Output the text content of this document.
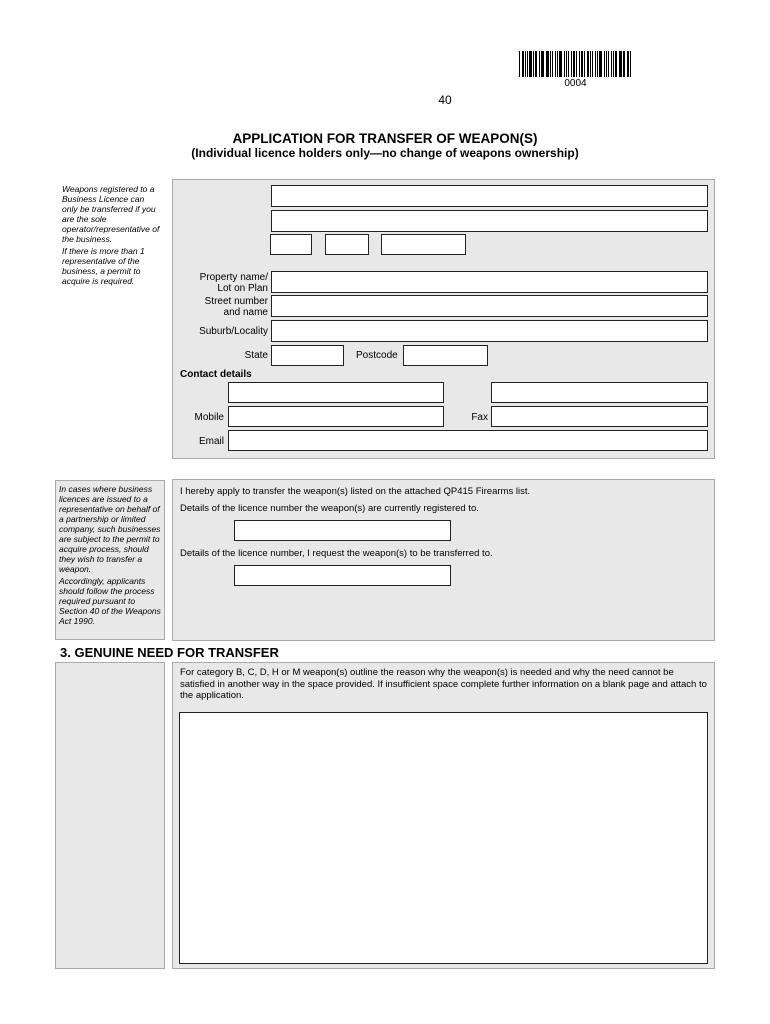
0004
40
APPLICATION FOR TRANSFER OF WEAPON(S)
(Individual licence holders only—no change of weapons ownership)
Weapons registered to a Business Licence can only be transferred if you are the sole operator/representative of the business.
If there is more than 1 representative of the business, a permit to acquire is required.	Property name/
Lot on Plan
Street number
and name
Suburb/Locality
State	Postcode
Contact details
Mobile	Fax
Email
In cases where business licences are issued to a representative on behalf of a partnership or limited company, such businesses are subject to the permit to acquire process, should they wish to transfer a weapon.
Accordingly, applicants should follow the process required pursuant to Section 40 of the Weapons Act 1990.
I hereby apply to transfer the weapon(s) listed on the attached QP415 Firearms list.
Details of the licence number the weapon(s) are currently registered to.
Details of the licence number, I request the weapon(s) to be transferred to.
3. GENUINE NEED FOR TRANSFER
For category B, C, D, H or M weapon(s) outline the reason why the weapon(s) is needed and why the need cannot be satisfied in another way in the space provided. If insufficient space complete further information on a blank page and attach to the application.
